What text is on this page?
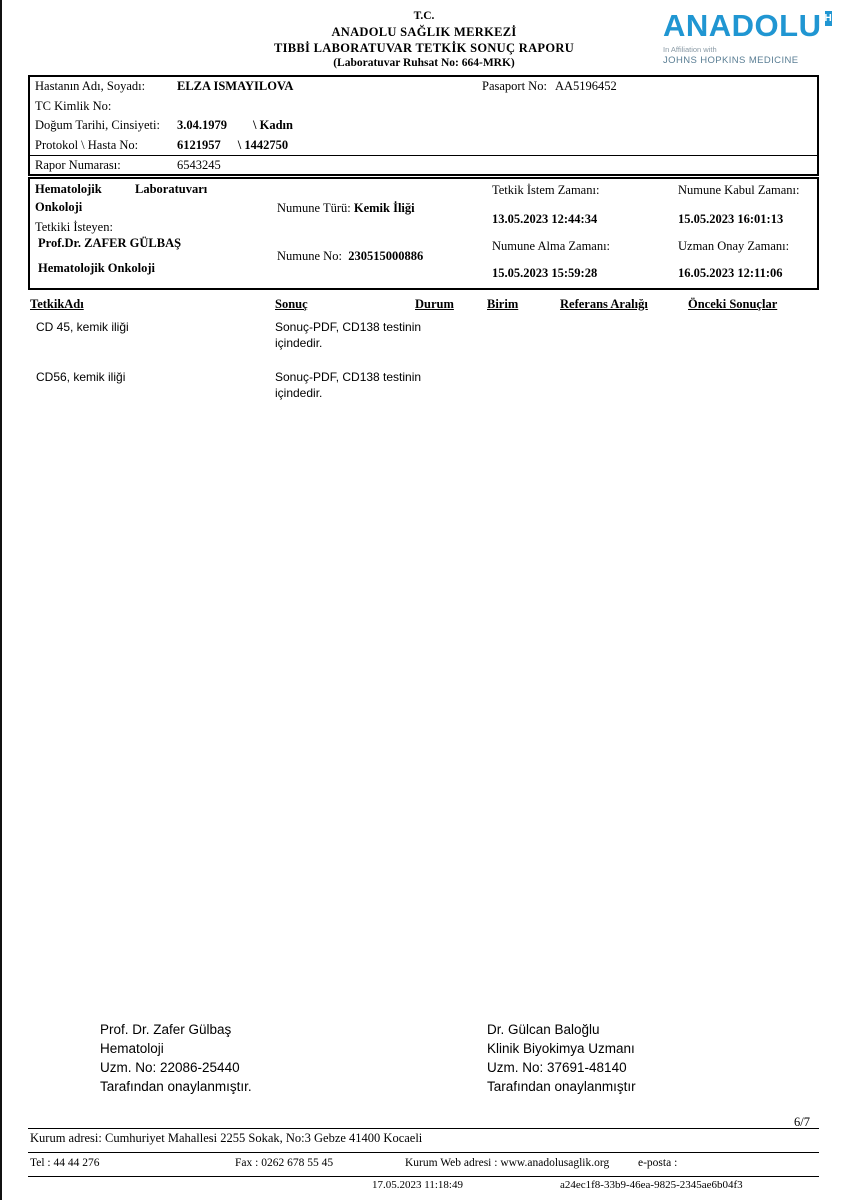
T.C.
ANADOLU SAĞLIK MERKEZİ
TIBBİ LABORATUVAR TETKİK SONUÇ RAPORU
(Laboratuvar Ruhsat No: 664-MRK)
ANADOLU H
In Affiliation with
JOHNS HOPKINS MEDICINE
Hastanın Adı, Soyadı:	ELZA ISMAYILOVA	Pasaport No: AA5196452
TC Kimlik No:
Doğum Tarihi, Cinsiyeti:	3.04.1979 \ Kadın
Protokol \ Hasta No:	6121957 \ 1442750
Rapor Numarası:	6543245
Hematolojik	Laboratuvarı
Onkoloji
Tetkiki İsteyen:
Prof.Dr. ZAFER GÜLBAŞ
Hematolojik Onkoloji
Numune Türü: Kemik İliği
Numune No: 230515000886
Tetkik İstem Zamanı:
13.05.2023 12:44:34
Numune Alma Zamanı:
15.05.2023 15:59:28
Numune Kabul Zamanı:
15.05.2023 16:01:13
Uzman Onay Zamanı:
16.05.2023 12:11:06
TetkikAdı	Sonuç	Durum	Birim	Referans Aralığı	Önceki Sonuçlar
CD 45, kemik iliği	Sonuç-PDF, CD138 testinin içindedir.
CD56, kemik iliği	Sonuç-PDF, CD138 testinin içindedir.
Prof. Dr. Zafer Gülbaş
Hematoloji
Uzm. No: 22086-25440
Tarafından onaylanmıştır.
Dr. Gülcan Baloğlu
Klinik Biyokimya Uzmanı
Uzm. No: 37691-48140
Tarafından onaylanmıştır
6/7
Kurum adresi: Cumhuriyet Mahallesi 2255 Sokak, No:3 Gebze 41400 Kocaeli
Tel : 44 44 276	Fax : 0262 678 55 45	Kurum Web adresi : www.anadolusaglik.org	e-posta :
17.05.2023 11:18:49	a24ec1f8-33b9-46ea-9825-2345ae6b04f3
